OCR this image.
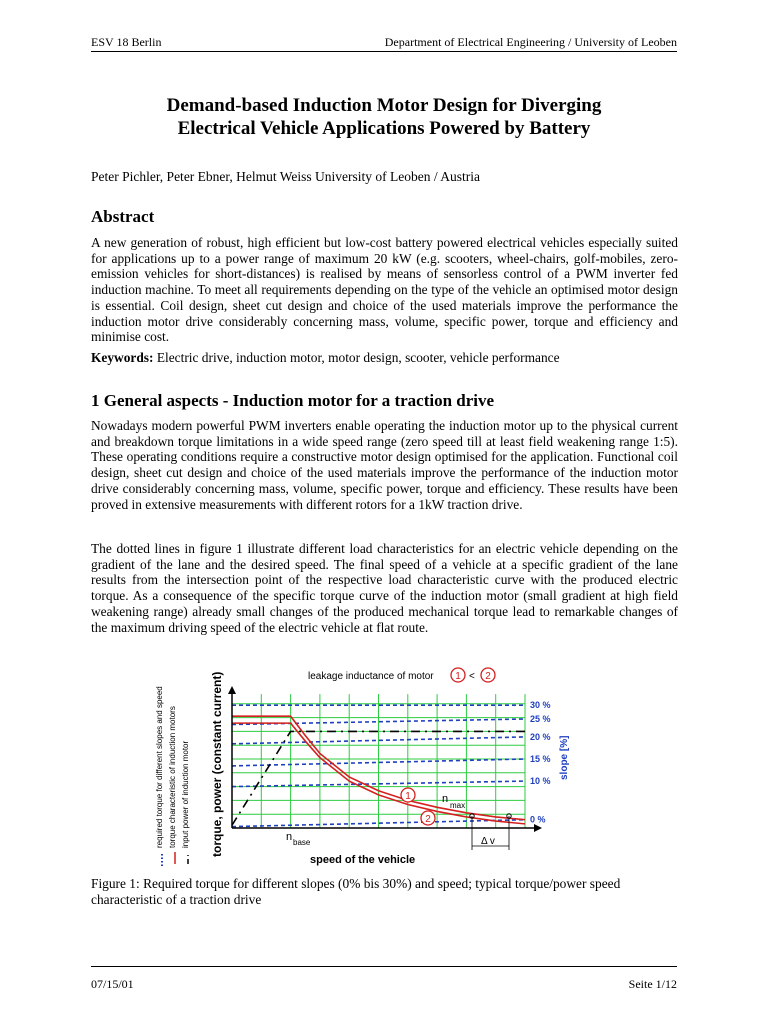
ESV 18 Berlin	Department of Electrical Engineering / University of Leoben
Demand-based Induction Motor Design for Diverging
Electrical Vehicle Applications Powered by Battery
Peter Pichler, Peter Ebner, Helmut Weiss University of Leoben / Austria
Abstract
A new generation of robust, high efficient but low-cost battery powered electrical vehicles especially suited for applications up to a power range of maximum 20 kW (e.g. scooters, wheel-chairs, golf-mobiles, zero-emission vehicles for short-distances) is realised by means of sensorless control of a PWM inverter fed induction machine. To meet all requirements depending on the type of the vehicle an optimised motor design is essential. Coil design, sheet cut design and choice of the used materials improve the performance the induction motor drive considerably concerning mass, volume, specific power, torque and efficiency and minimise cost.
Keywords: Electric drive, induction motor, motor design, scooter, vehicle performance
1 General aspects - Induction motor for a traction drive
Nowadays modern powerful PWM inverters enable operating the induction motor up to the physical current and breakdown torque limitations in a wide speed range (zero speed till at least field weakening range 1:5). These operating conditions require a constructive motor design optimised for the application. Functional coil design, sheet cut design and choice of the used materials improve the performance of the induction motor drive considerably concerning mass, volume, specific power, torque and efficiency. These results have been proved in extensive measurements with different rotors for a 1kW traction drive.
The dotted lines in figure 1 illustrate different load characteristics for an electric vehicle depending on the gradient of the lane and the desired speed. The final speed of a vehicle at a specific gradient of the lane results from the intersection point of the respective load characteristic curve with the produced electric torque. As a consequence of the specific torque curve of the induction motor (small gradient at high field weakening range) already small changes of the produced mechanical torque lead to remarkable changes of the maximum driving speed of the electric vehicle at flat route.
required torque for different slopes and speed torque characteristic of induction motors input power of induction motor torque, power (constant current)	leakage inductance of motor 1 < 2
30 %
25 %
20 %
15 %
10 %
0 %
slope [%]
1
2
n
max
n base	Δ v
speed of the vehicle
Figure 1: Required torque for different slopes (0% bis 30%) and speed; typical torque/power speed characteristic of a traction drive
07/15/01	Seite 1/12
